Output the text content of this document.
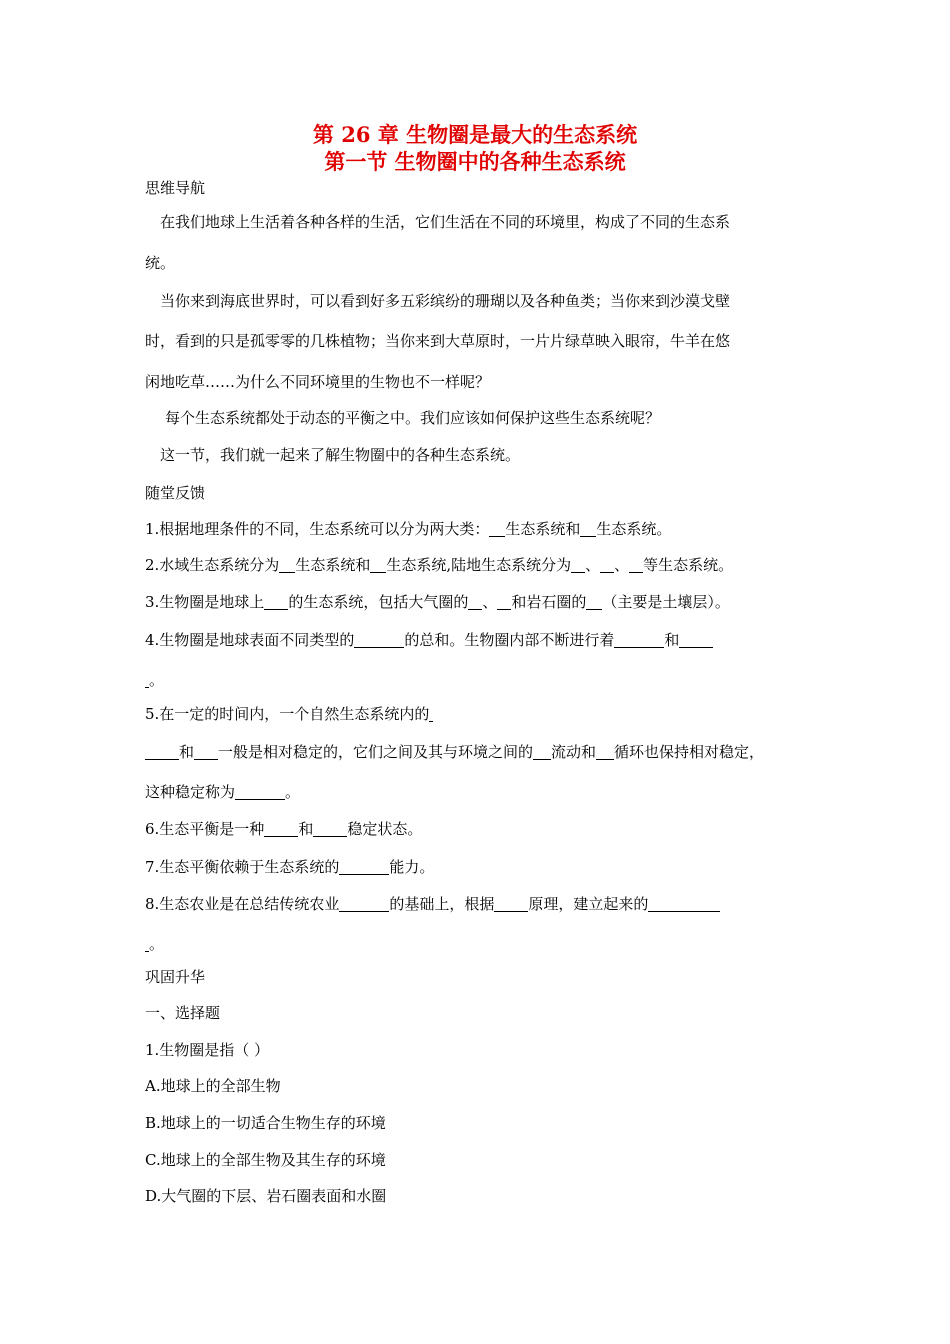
第 26 章 生物圈是最大的生态系统
第一节 生物圈中的各种生态系统
思维导航
在我们地球上生活着各种各样的生活，它们生活在不同的环境里，构成了不同的生态系
统。
当你来到海底世界时，可以看到好多五彩缤纷的珊瑚以及各种鱼类；当你来到沙漠戈壁
时，看到的只是孤零零的几株植物；当你来到大草原时，一片片绿草映入眼帘，牛羊在悠
闲地吃草……为什么不同环境里的生物也不一样呢？
每个生态系统都处于动态的平衡之中。我们应该如何保护这些生态系统呢？
这一节，我们就一起来了解生物圈中的各种生态系统。
随堂反馈
1.根据地理条件的不同，生态系统可以分为两大类： 生态系统和 生态系统。
2.水域生态系统分为 生态系统和 生态系统,陆地生态系统分为 、 、 等生态系统。
3.生物圈是地球上 的生态系统，包括大气圈的 、 和岩石圈的 （主要是土壤层）。
4.生物圈是地球表面不同类型的	的总和。生物圈内部不断进行着	和
。
5.在一定的时间内，一个自然生态系统内的
和 一般是相对稳定的，它们之间及其与环境之间的 流动和 循环也保持相对稳定，
这种稳定称为	。
6.生态平衡是一种 和 稳定状态。
7.生态平衡依赖于生态系统的	能力。
8.生态农业是在总结传统农业	的基础上，根据 原理，建立起来的
。
巩固升华
一、选择题
1.生物圈是指（ ）
A.地球上的全部生物
B.地球上的一切适合生物生存的环境
C.地球上的全部生物及其生存的环境
D.大气圈的下层、岩石圈表面和水圈
